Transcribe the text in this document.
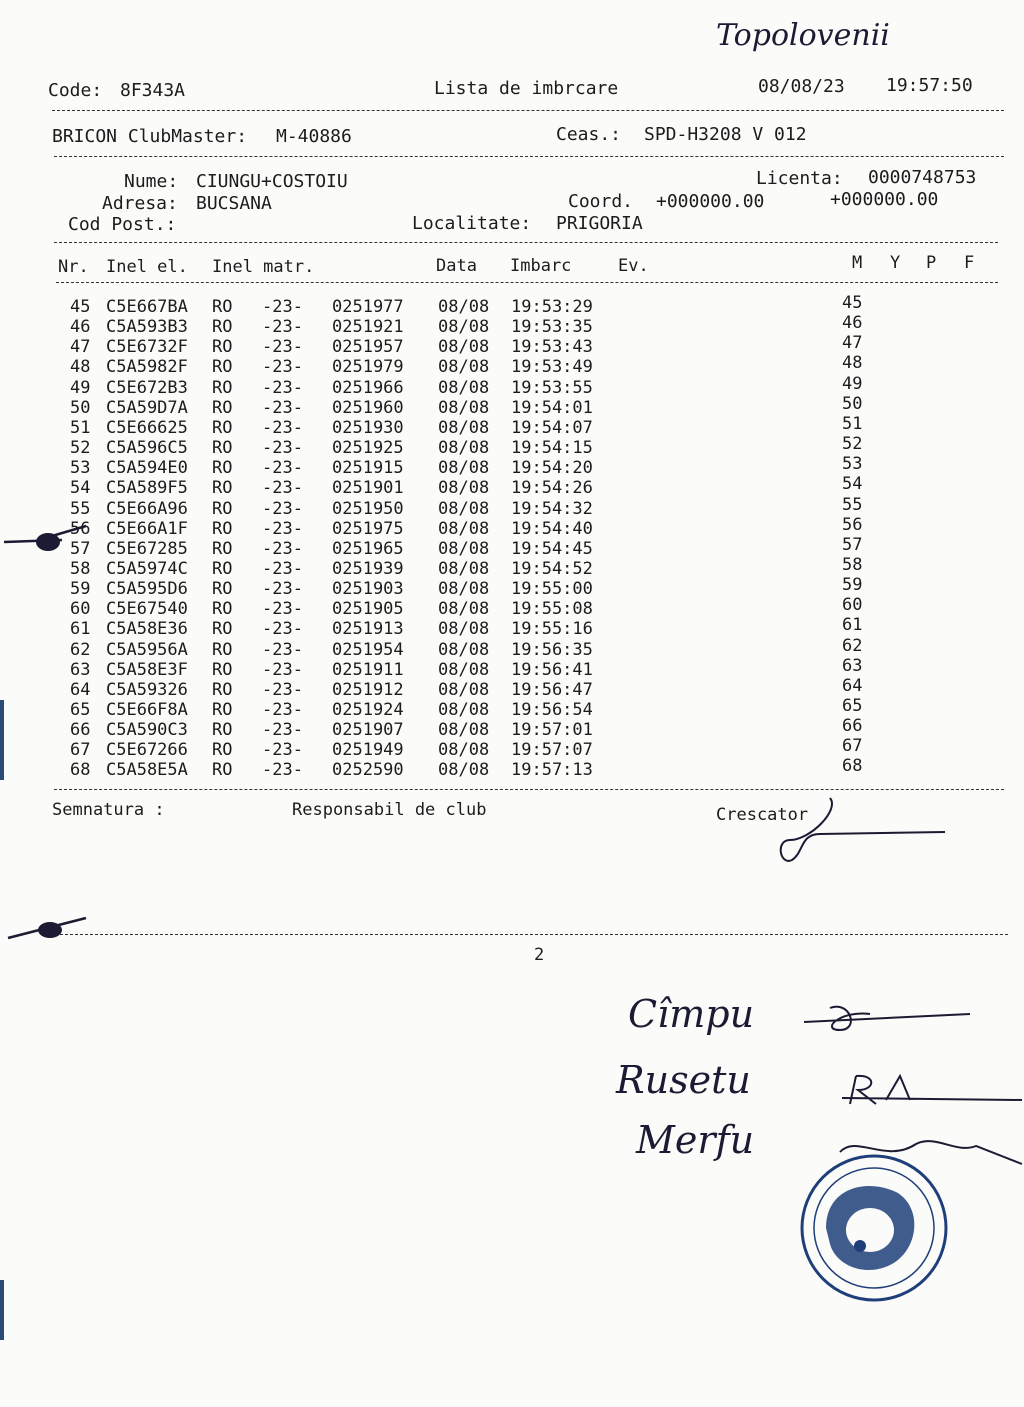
Topolovenii
Code: 8F343A	Lista de imbrcare	08/08/23 19:57:50
BRICON ClubMaster: M-40886	Ceas.: SPD-H3208 V 012
Nume: CIUNGU+COSTOIU	Licenta: 0000748753
Adresa: BUCSANA	Coord. +000000.00	+000000.00
Cod Post.:	Localitate: PRIGORIA
Nr. Inel el. Inel matr.	Data Imbarc	Ev.	M Y P F
45 C5E667BA RO -23- 0251977 08/08 19:53:29	45
46 C5A593B3 RO -23- 0251921 08/08 19:53:35	46
47 C5E6732F RO -23- 0251957 08/08 19:53:43	47
48 C5A5982F RO -23- 0251979 08/08 19:53:49	48
49 C5E672B3 RO -23- 0251966 08/08 19:53:55	49
50 C5A59D7A RO -23- 0251960 08/08 19:54:01	50
51 C5E66625 RO -23- 0251930 08/08 19:54:07	51
52 C5A596C5 RO -23- 0251925 08/08 19:54:15	52
53 C5A594E0 RO -23- 0251915 08/08 19:54:20	53
54 C5A589F5 RO -23- 0251901 08/08 19:54:26	54
55 C5E66A96 RO -23- 0251950 08/08 19:54:32	55
56 C5E66A1F RO -23- 0251975 08/08 19:54:40	56
57 C5E67285 RO -23- 0251965 08/08 19:54:45	57
58 C5A5974C RO -23- 0251939 08/08 19:54:52	58
59 C5A595D6 RO -23- 0251903 08/08 19:55:00	59
60 C5E67540 RO -23- 0251905 08/08 19:55:08	60
61 C5A58E36 RO -23- 0251913 08/08 19:55:16	61
62 C5A5956A RO -23- 0251954 08/08 19:56:35	62
63 C5A58E3F RO -23- 0251911 08/08 19:56:41	63
64 C5A59326 RO -23- 0251912 08/08 19:56:47	64
65 C5E66F8A RO -23- 0251924 08/08 19:56:54	65
66 C5A590C3 RO -23- 0251907 08/08 19:57:01	66
67 C5E67266 RO -23- 0251949 08/08 19:57:07	67
68 C5A58E5A RO -23- 0252590 08/08 19:57:13	68
Semnatura :	Responsabil de club	Crescator
2
Cîmpu
Rusetu
Merfu
